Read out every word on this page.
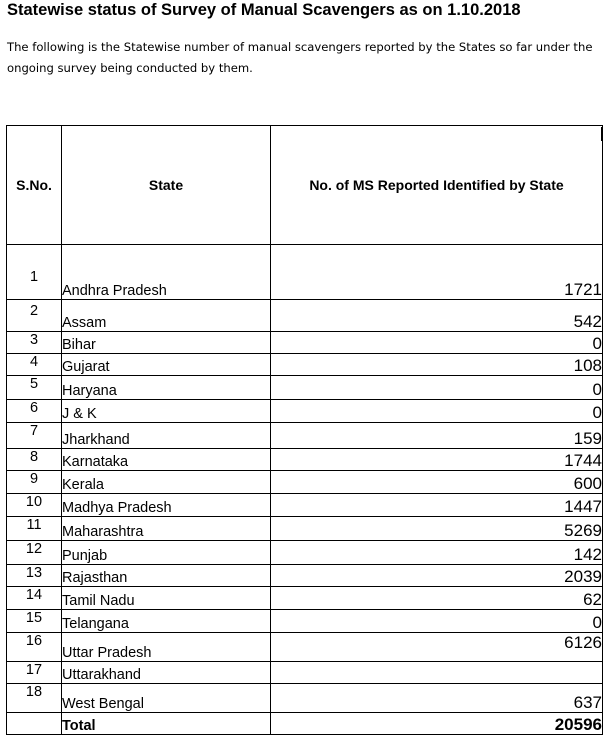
Statewise status of Survey of Manual Scavengers as on 1.10.2018
The following is the Statewise number of manual scavengers reported by the States so far under the ongoing survey being conducted by them.
S.No.	State	No. of MS Reported Identified by State
1	Andhra Pradesh	1721
2	Assam	542
3	Bihar	0
4	Gujarat	108
5	Haryana	0
6	J & K	0
7	Jharkhand	159
8	Karnataka	1744
9	Kerala	600
10	Madhya Pradesh	1447
11	Maharashtra	5269
12	Punjab	142
13	Rajasthan	2039
14	Tamil Nadu	62
15	Telangana	0
16	Uttar Pradesh	6126
17	Uttarakhand	
18	West Bengal	637
	Total	20596
